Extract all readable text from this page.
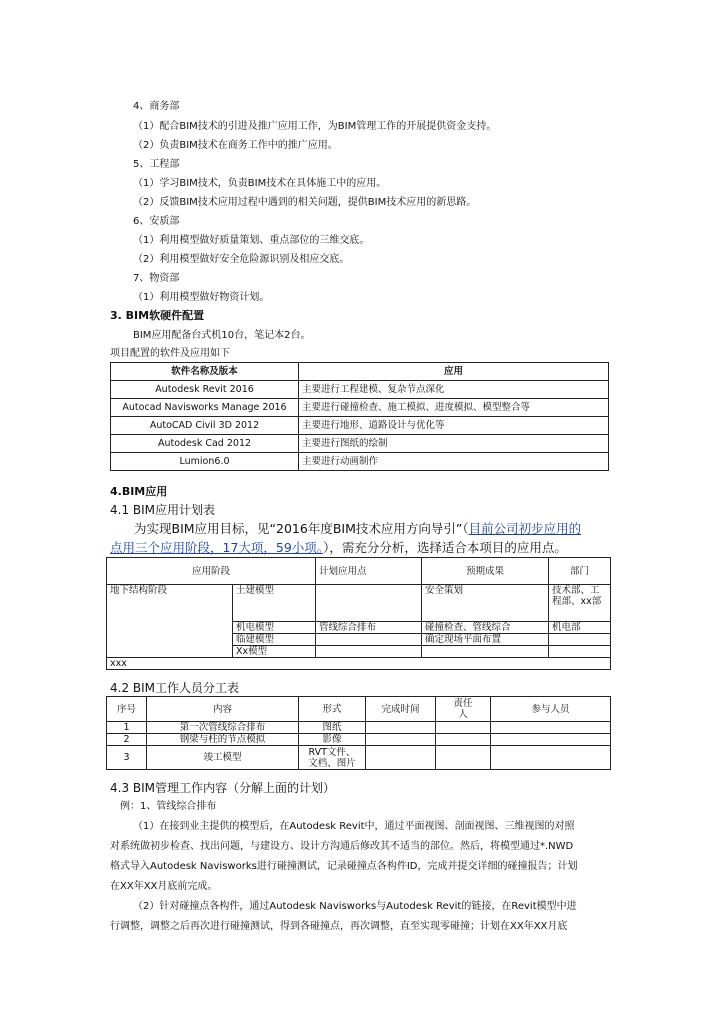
4、商务部
（1）配合BIM技术的引进及推广应用工作，为BIM管理工作的开展提供资金支持。
（2）负责BIM技术在商务工作中的推广应用。
5、工程部
（1）学习BIM技术，负责BIM技术在具体施工中的应用。
（2）反馈BIM技术应用过程中遇到的相关问题，提供BIM技术应用的新思路。
6、安质部
（1）利用模型做好质量策划、重点部位的三维交底。
（2）利用模型做好安全危险源识别及相应交底。
7、物资部
（1）利用模型做好物资计划。
3. BIM软硬件配置
BIM应用配备台式机10台，笔记本2台。
项目配置的软件及应用如下
软件名称及版本	应用
Autodesk Revit 2016	主要进行工程建模、复杂节点深化
Autocad Navisworks Manage 2016	主要进行碰撞检查、施工模拟、进度模拟、模型整合等
AutoCAD Civil 3D 2012	主要进行地形、道路设计与优化等
Autodesk Cad 2012	主要进行图纸的绘制
Lumion6.0	主要进行动画制作
4.BIM应用
4.1 BIM应用计划表
为实现BIM应用目标，见“2016年度BIM技术应用方向导引”（目前公司初步应用的
点用三个应用阶段，17大项，59小项。），需充分分析，选择适合本项目的应用点。
应用阶段		计划应用点	预期成果	部门
地下结构阶段	土建模型		安全策划	技术部、工程部、xx部
	机电模型	管线综合排布	碰撞检查、管线综合	机电部
	临建模型		确定现场平面布置	
	Xx模型			
xxx				
4.2 BIM工作人员分工表
序号	内容	形式	完成时间	责任人	参与人员
1	第一次管线综合排布	图纸			
2	钢梁与柱的节点模拟	影像			
3	竣工模型	RVT文件、文档、图片			
4.3 BIM管理工作内容（分解上面的计划）
例：1、管线综合排布
（1）在接到业主提供的模型后，在Autodesk Revit中，通过平面视图、剖面视图、三维视图的对照
对系统做初步检查、找出问题，与建设方、设计方沟通后修改其不适当的部位。然后，将模型通过*.NWD
格式导入Autodesk Navisworks进行碰撞测试，记录碰撞点各构件ID，完成并提交详细的碰撞报告；计划
在XX年XX月底前完成。
（2）针对碰撞点各构件，通过Autodesk Navisworks与Autodesk Revit的链接，在Revit模型中进
行调整，调整之后再次进行碰撞测试，得到各碰撞点，再次调整，直至实现零碰撞；计划在XX年XX月底
